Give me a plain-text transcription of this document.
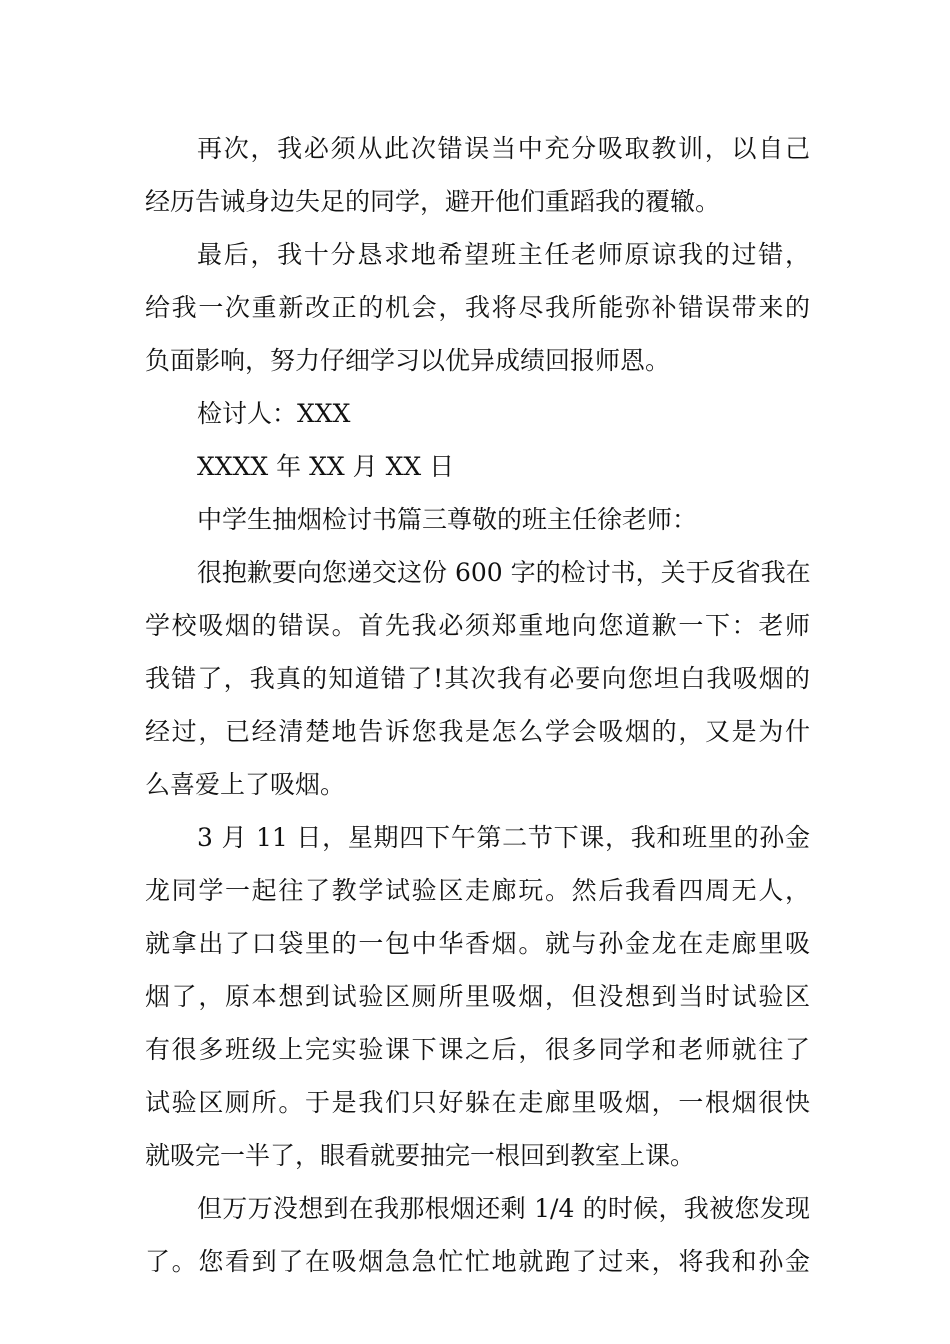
再次，我必须从此次错误当中充分吸取教训，以自己
经历告诫身边失足的同学，避开他们重蹈我的覆辙。
最后，我十分恳求地希望班主任老师原谅我的过错，
给我一次重新改正的机会，我将尽我所能弥补错误带来的
负面影响，努力仔细学习以优异成绩回报师恩。
检讨人：XXX
XXXX 年 XX 月 XX 日
中学生抽烟检讨书篇三尊敬的班主任徐老师：
很抱歉要向您递交这份 600 字的检讨书，关于反省我在
学校吸烟的错误。首先我必须郑重地向您道歉一下：老师
我错了，我真的知道错了!其次我有必要向您坦白我吸烟的
经过，已经清楚地告诉您我是怎么学会吸烟的，又是为什
么喜爱上了吸烟。
3 月 11 日，星期四下午第二节下课，我和班里的孙金
龙同学一起往了教学试验区走廊玩。然后我看四周无人，
就拿出了口袋里的一包中华香烟。就与孙金龙在走廊里吸
烟了，原本想到试验区厕所里吸烟，但没想到当时试验区
有很多班级上完实验课下课之后，很多同学和老师就往了
试验区厕所。于是我们只好躲在走廊里吸烟，一根烟很快
就吸完一半了，眼看就要抽完一根回到教室上课。
但万万没想到在我那根烟还剩 1/4 的时候，我被您发现
了。您看到了在吸烟急急忙忙地就跑了过来，将我和孙金
